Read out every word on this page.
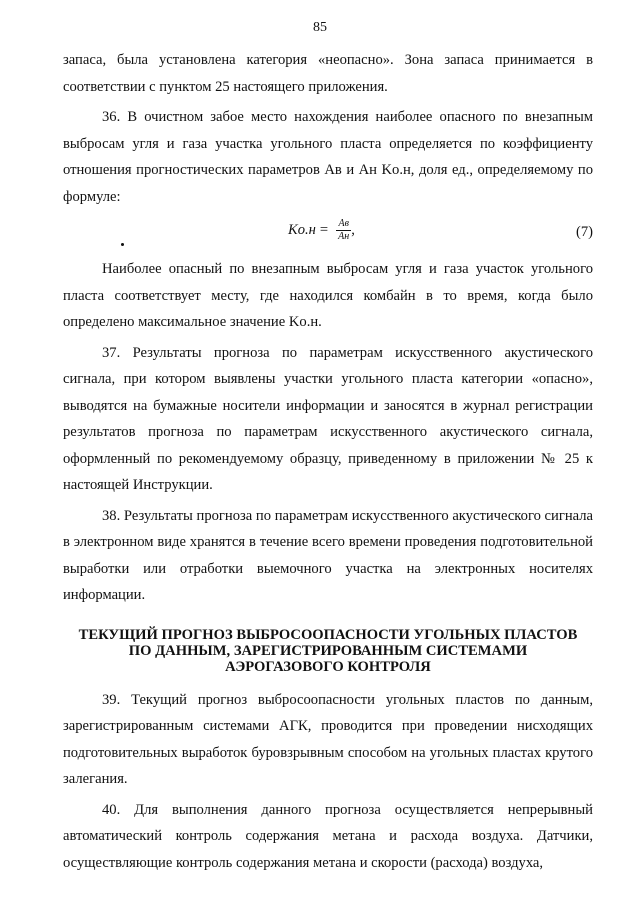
85

запаса, была установлена категория «неопасно». Зона запаса принимается в соответствии с пунктом 25 настоящего приложения.

36. В очистном забое место нахождения наиболее опасного по внезапным выбросам угля и газа участка угольного пласта определяется по коэффициенту отношения прогностических параметров Aв и Aн Kо.н, доля ед., определяемому по формуле:

$Kо.н = \frac{Aв}{Aн}$ ,	(7)

Наиболее опасный по внезапным выбросам угля и газа участок угольного пласта соответствует месту, где находился комбайн в то время, когда было определено максимальное значение Kо.н.

37. Результаты прогноза по параметрам искусственного акустического сигнала, при котором выявлены участки угольного пласта категории «опасно», выводятся на бумажные носители информации и заносятся в журнал регистрации результатов прогноза по параметрам искусственного акустического сигнала, оформленный по рекомендуемому образцу, приведенному в приложении № 25 к настоящей Инструкции.

38. Результаты прогноза по параметрам искусственного акустического сигнала в электронном виде хранятся в течение всего времени проведения подготовительной выработки или отработки выемочного участка на электронных носителях информации.

ТЕКУЩИЙ ПРОГНОЗ ВЫБРОСООПАСНОСТИ УГОЛЬНЫХ ПЛАСТОВ
ПО ДАННЫМ, ЗАРЕГИСТРИРОВАННЫМ СИСТЕМАМИ
АЭРОГАЗОВОГО КОНТРОЛЯ

39. Текущий прогноз выбросоопасности угольных пластов по данным, зарегистрированным системами АГК, проводится при проведении нисходящих подготовительных выработок буровзрывным способом на угольных пластах крутого залегания.

40. Для выполнения данного прогноза осуществляется непрерывный автоматический контроль содержания метана и расхода воздуха. Датчики, осуществляющие контроль содержания метана и скорости (расхода) воздуха,
